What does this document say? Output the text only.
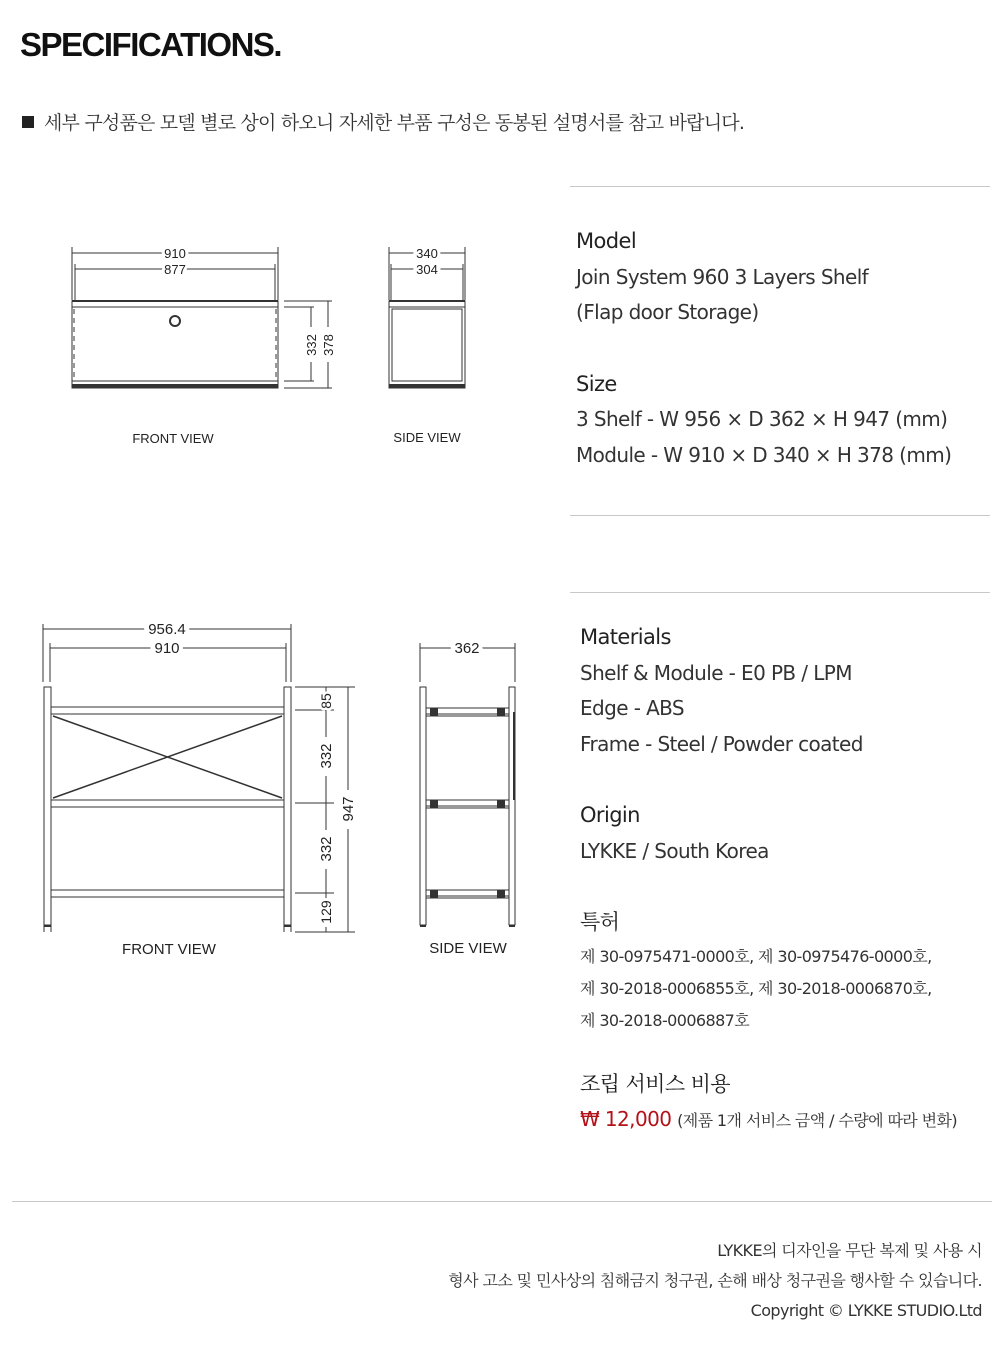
SPECIFICATIONS.
세부 구성품은 모델 별로 상이 하오니 자세한 부품 구성은 동봉된 설명서를 참고 바랍니다.
910
877
332 378
340
304
FRONT VIEW	SIDE VIEW
956.4
910
85
332
332
129
947
362
FRONT VIEW	SIDE VIEW
Model
Join System 960 3 Layers Shelf
(Flap door Storage)
Size
3 Shelf - W 956 × D 362 × H 947 (mm)
Module - W 910 × D 340 × H 378 (mm)
Materials
Shelf & Module - E0 PB / LPM
Edge - ABS
Frame - Steel / Powder coated
Origin
LYKKE / South Korea
특허
제 30-0975471-0000호, 제 30-0975476-0000호,
제 30-2018-0006855호, 제 30-2018-0006870호,
제 30-2018-0006887호
조립 서비스 비용
₩ 12,000 (제품 1개 서비스 금액 / 수량에 따라 변화)
LYKKE의 디자인을 무단 복제 및 사용 시
형사 고소 및 민사상의 침해금지 청구권, 손해 배상 청구권을 행사할 수 있습니다.
Copyright © LYKKE STUDIO.Ltd
